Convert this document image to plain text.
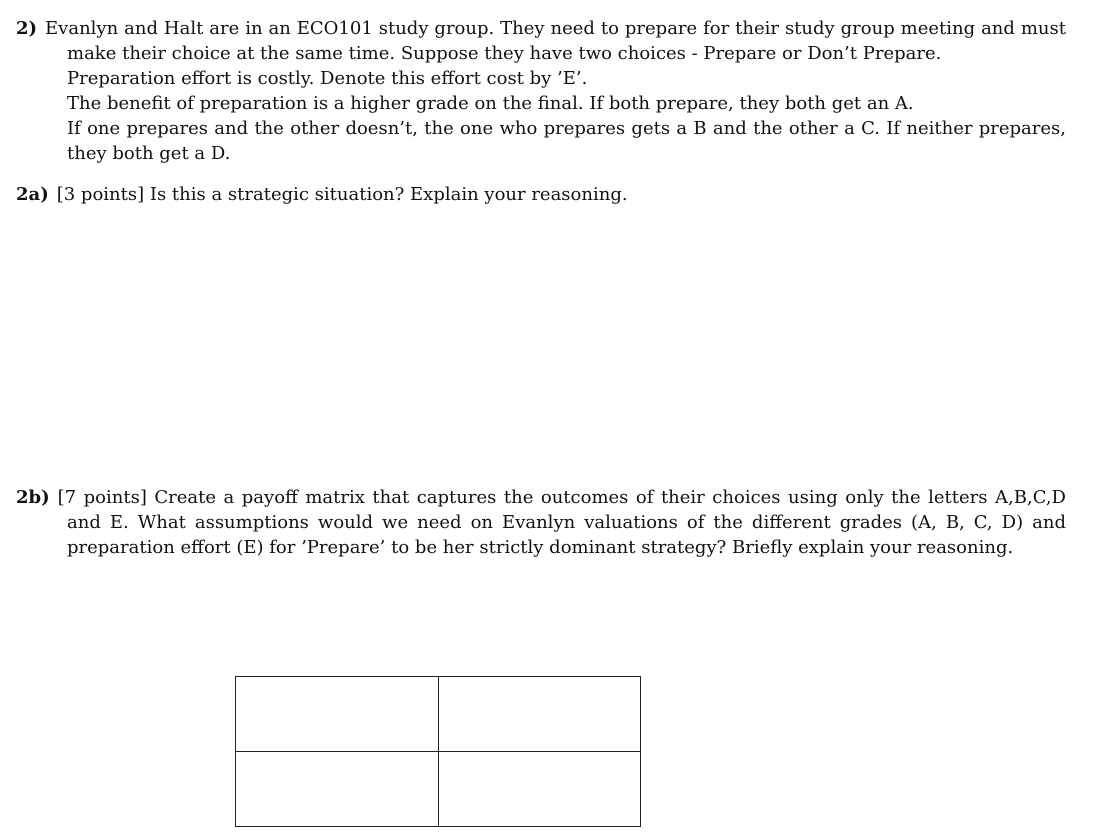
2) Evanlyn and Halt are in an ECO101 study group. They need to prepare for their study group meeting and must make their choice at the same time. Suppose they have two choices - Prepare or Don’t Prepare.

Preparation effort is costly. Denote this effort cost by ’E’.

The benefit of preparation is a higher grade on the final. If both prepare, they both get an A.

If one prepares and the other doesn’t, the one who prepares gets a B and the other a C. If neither prepares, they both get a D.

2a) [3 points] Is this a strategic situation? Explain your reasoning.

2b) [7 points] Create a payoff matrix that captures the outcomes of their choices using only the letters A,B,C,D and E. What assumptions would we need on Evanlyn valuations of the different grades (A, B, C, D) and preparation effort (E) for ’Prepare’ to be her strictly dominant strategy? Briefly explain your reasoning.
